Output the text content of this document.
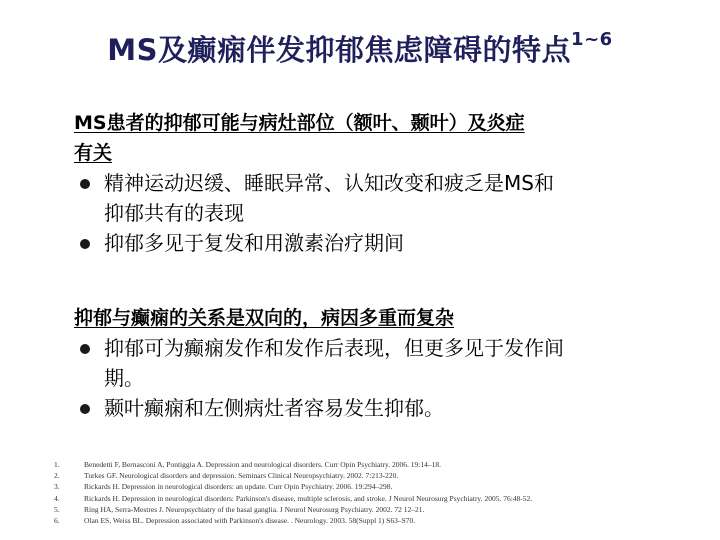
MS及癫痫伴发抑郁焦虑障碍的特点$^{1\sim 6}$

MS患者的抑郁可能与病灶部位（额叶、颞叶）及炎症
有关

精神运动迟缓、睡眠异常、认知改变和疲乏是MS和
抑郁共有的表现
抑郁多见于复发和用激素治疗期间

抑郁与癫痫的关系是双向的，病因多重而复杂

抑郁可为癫痫发作和发作后表现，但更多见于发作间
期。
颞叶癫痫和左侧病灶者容易发生抑郁。
1.	Benedetti F, Bernasconi A, Pontiggia A. Depression and neurological disorders. Curr Opin Psychiatry. 2006. 19:14–18.
2.	Turkes GF. Neurological disorders and depression. Seminars Clinical Neuropsychiatry. 2002. 7:213-220.
3.	Rickards H. Depression in neurological disorders: an update. Curr Opin Psychiatry. 2006. 19:294–298.
4.	Rickards H. Depression in neurological disorders: Parkinson's disease, multiple sclerosis, and stroke. J Neurol Neurosurg Psychiatry. 2005. 76:48-52.
5.	Ring HA, Serra-Mestres J. Neuropsychiatry of the basal ganglia. J Neurol Neurosurg Psychiatry. 2002. 72 12–21.
6.	Olan ES, Weiss BL. Depression associated with Parkinson's disease. . Neurology. 2003. 58(Suppl 1) S63–S70.
